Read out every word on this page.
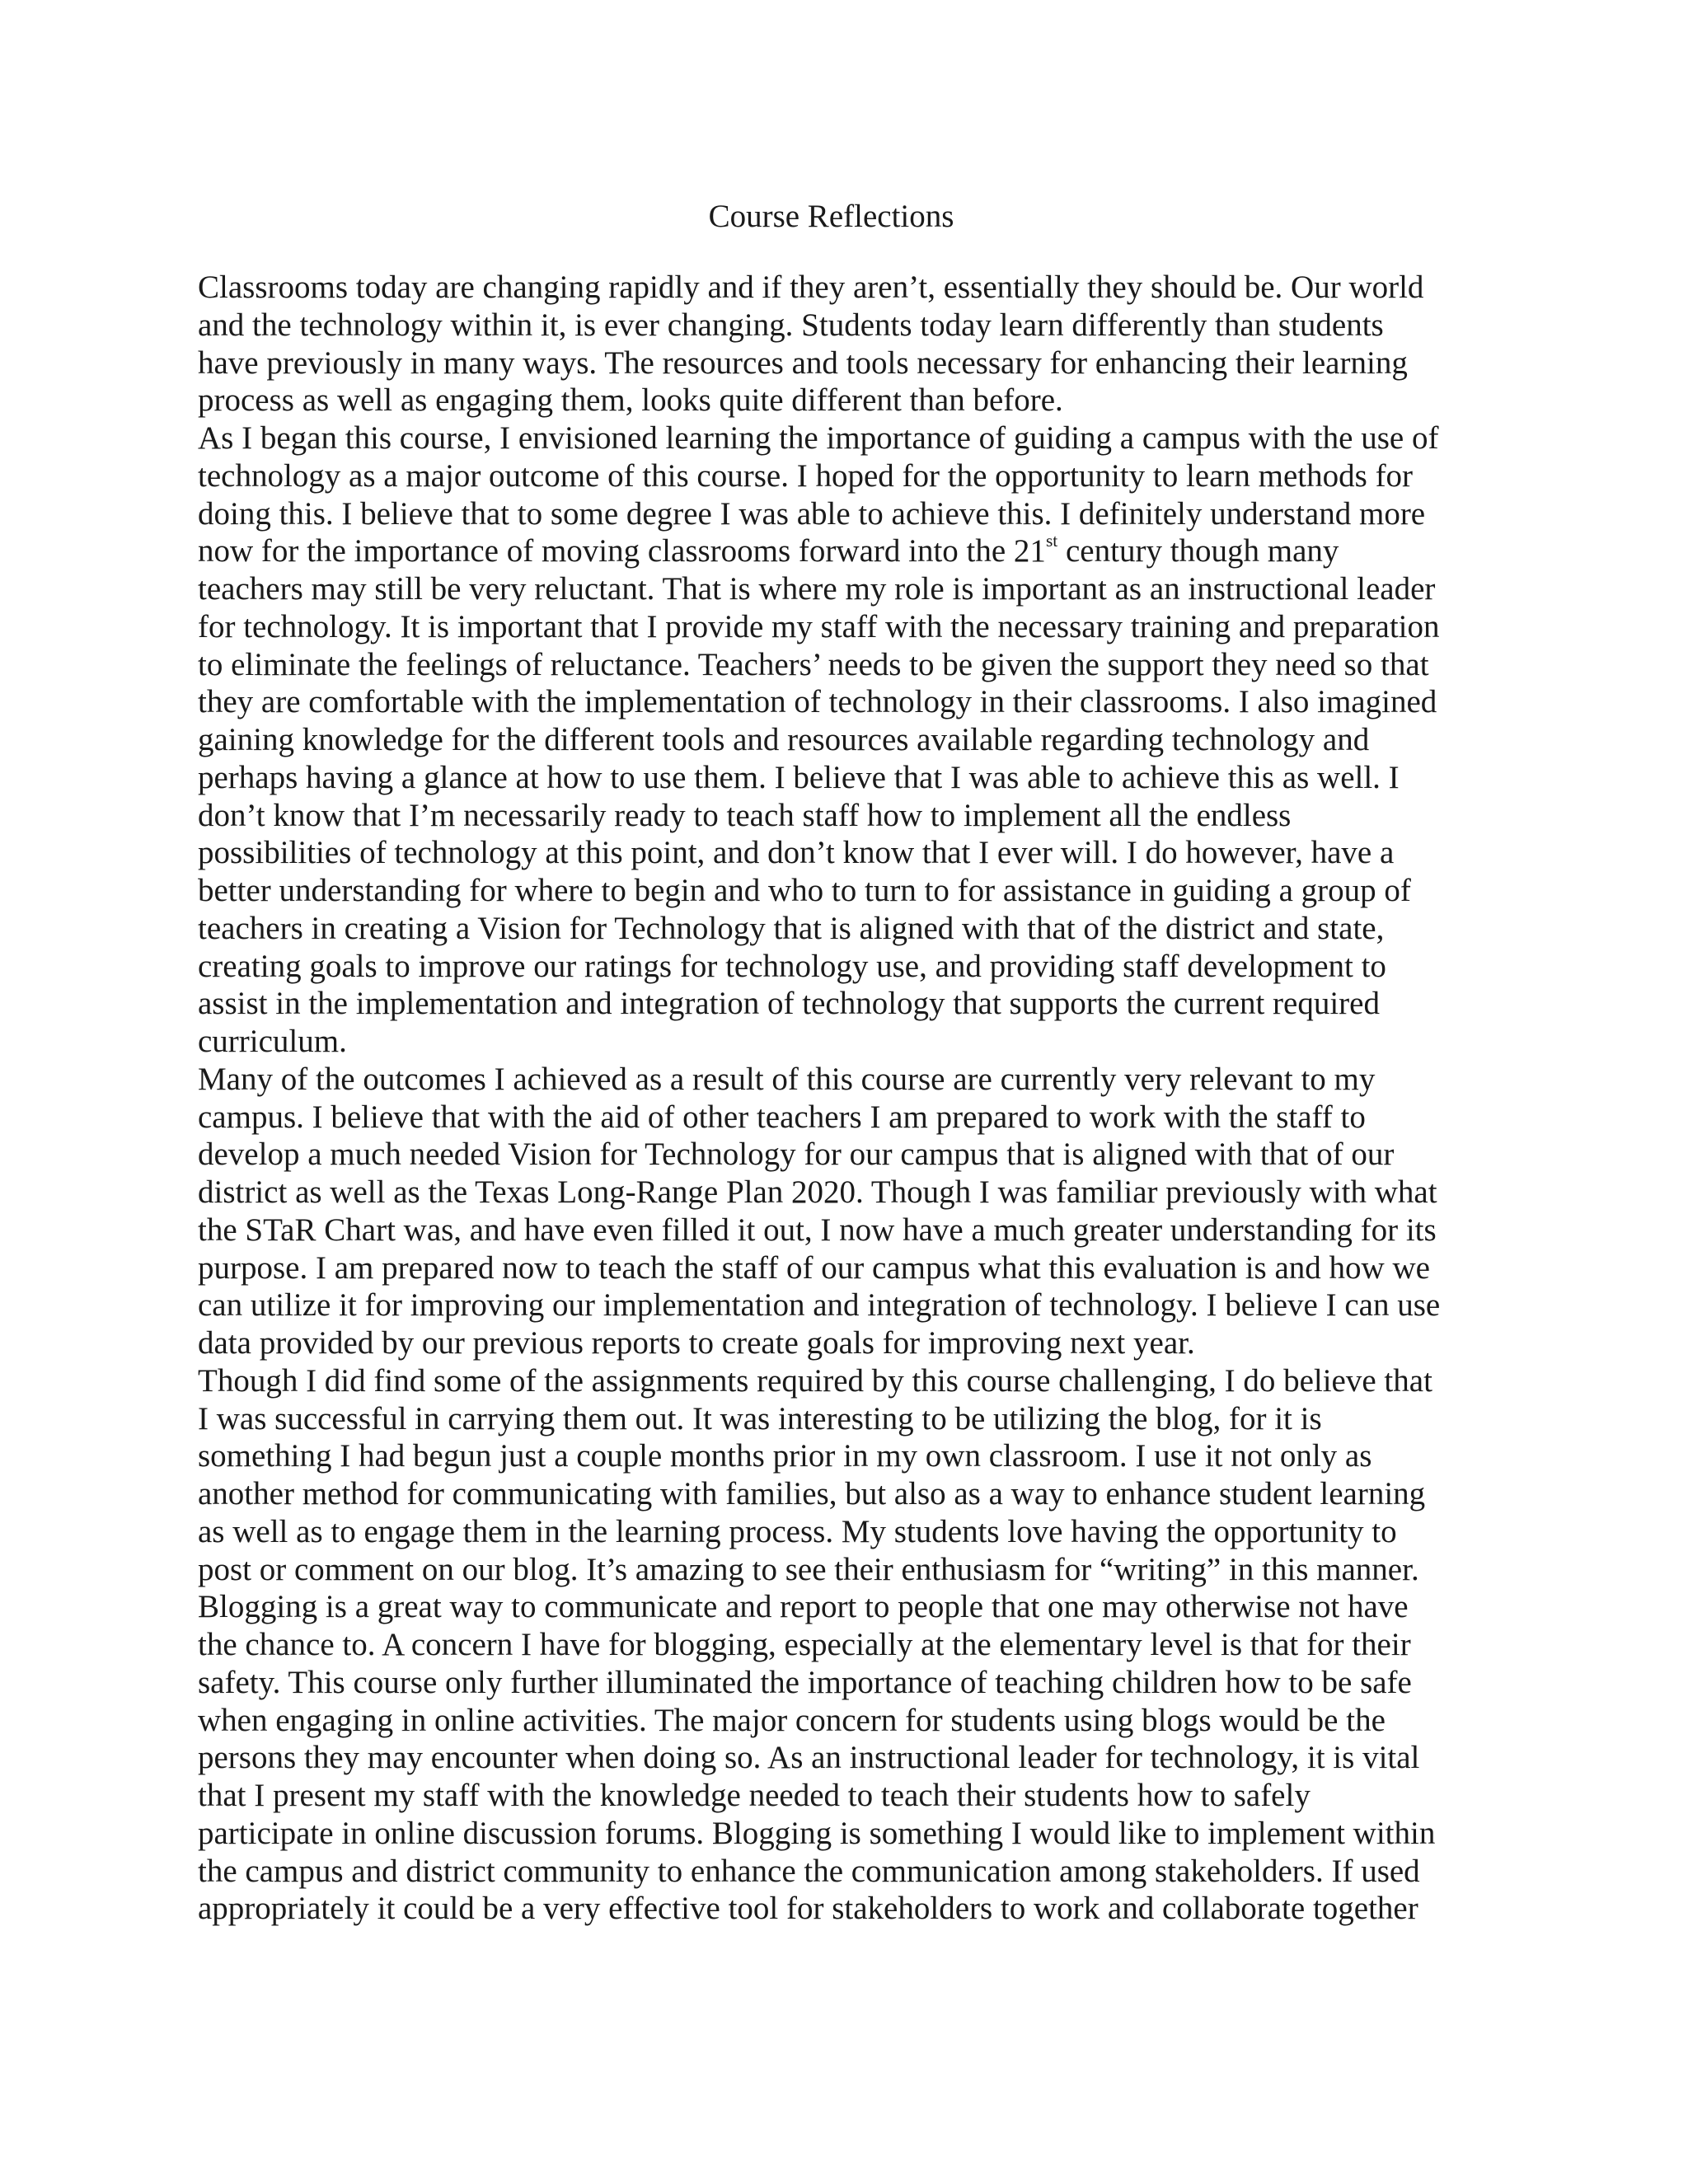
Course Reflections
Classrooms today are changing rapidly and if they aren’t, essentially they should be. Our world
and the technology within it, is ever changing. Students today learn differently than students
have previously in many ways. The resources and tools necessary for enhancing their learning
process as well as engaging them, looks quite different than before.
As I began this course, I envisioned learning the importance of guiding a campus with the use of
technology as a major outcome of this course. I hoped for the opportunity to learn methods for
doing this. I believe that to some degree I was able to achieve this. I definitely understand more
now for the importance of moving classrooms forward into the 21st century though many
teachers may still be very reluctant. That is where my role is important as an instructional leader
for technology. It is important that I provide my staff with the necessary training and preparation
to eliminate the feelings of reluctance. Teachers’ needs to be given the support they need so that
they are comfortable with the implementation of technology in their classrooms. I also imagined
gaining knowledge for the different tools and resources available regarding technology and
perhaps having a glance at how to use them. I believe that I was able to achieve this as well. I
don’t know that I’m necessarily ready to teach staff how to implement all the endless
possibilities of technology at this point, and don’t know that I ever will. I do however, have a
better understanding for where to begin and who to turn to for assistance in guiding a group of
teachers in creating a Vision for Technology that is aligned with that of the district and state,
creating goals to improve our ratings for technology use, and providing staff development to
assist in the implementation and integration of technology that supports the current required
curriculum.
Many of the outcomes I achieved as a result of this course are currently very relevant to my
campus. I believe that with the aid of other teachers I am prepared to work with the staff to
develop a much needed Vision for Technology for our campus that is aligned with that of our
district as well as the Texas Long-Range Plan 2020. Though I was familiar previously with what
the STaR Chart was, and have even filled it out, I now have a much greater understanding for its
purpose. I am prepared now to teach the staff of our campus what this evaluation is and how we
can utilize it for improving our implementation and integration of technology. I believe I can use
data provided by our previous reports to create goals for improving next year.
Though I did find some of the assignments required by this course challenging, I do believe that
I was successful in carrying them out. It was interesting to be utilizing the blog, for it is
something I had begun just a couple months prior in my own classroom. I use it not only as
another method for communicating with families, but also as a way to enhance student learning
as well as to engage them in the learning process. My students love having the opportunity to
post or comment on our blog. It’s amazing to see their enthusiasm for “writing” in this manner.
Blogging is a great way to communicate and report to people that one may otherwise not have
the chance to. A concern I have for blogging, especially at the elementary level is that for their
safety. This course only further illuminated the importance of teaching children how to be safe
when engaging in online activities. The major concern for students using blogs would be the
persons they may encounter when doing so. As an instructional leader for technology, it is vital
that I present my staff with the knowledge needed to teach their students how to safely
participate in online discussion forums. Blogging is something I would like to implement within
the campus and district community to enhance the communication among stakeholders. If used
appropriately it could be a very effective tool for stakeholders to work and collaborate together
